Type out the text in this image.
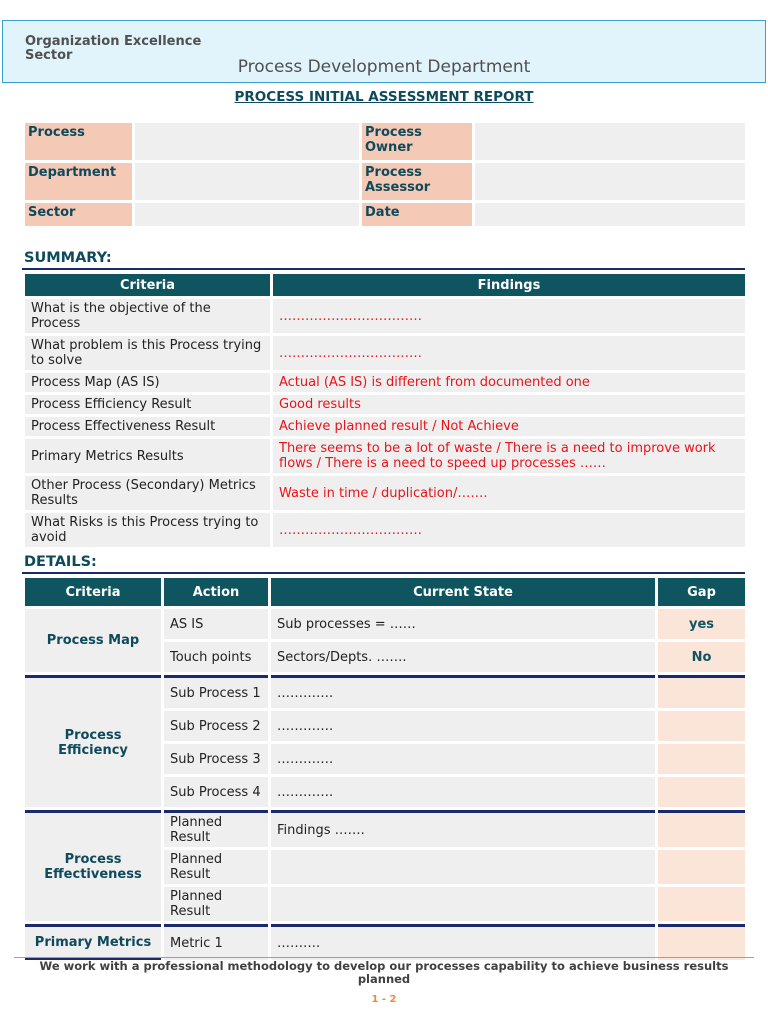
Organization Excellence Sector
Process Development Department
PROCESS INITIAL ASSESSMENT REPORT
Process		Process Owner	
Department		Process Assessor	
Sector		Date	
SUMMARY:
Criteria	Findings
What is the objective of the Process	……………………………
What problem is this Process trying to solve	……………………………
Process Map (AS IS)	Actual (AS IS) is different from documented one
Process Efficiency Result	Good results
Process Effectiveness Result	Achieve planned result / Not Achieve
Primary Metrics Results	There seems to be a lot of waste / There is a need to improve work flows / There is a need to speed up processes ……
Other Process (Secondary) Metrics Results	Waste in time / duplication/…….
What Risks is this Process trying to avoid	……………………………
DETAILS:
Criteria	Action	Current State	Gap
Process Map	AS IS	Sub processes = ……	yes
	Touch points	Sectors/Depts. …….	No
Process Efficiency	Sub Process 1	………….	
	Sub Process 2	………….	
	Sub Process 3	………….	
	Sub Process 4	………….	
Process Effectiveness	Planned Result	Findings …….	
	Planned Result		
	Planned Result		
Primary Metrics	Metric 1	……….	
We work with a professional methodology to develop our processes capability to achieve business results planned
1 - 2
